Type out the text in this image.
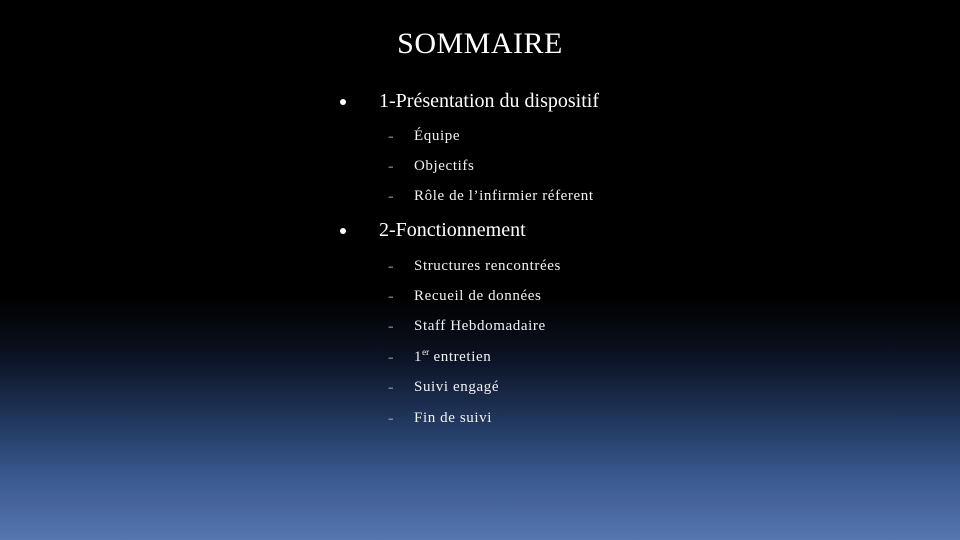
SOMMAIRE
1-Présentation du dispositif
–	Équipe
–	Objectifs
–	Rôle de l’infirmier réferent
2-Fonctionnement
–	Structures rencontrées
–	Recueil de données
–	Staff Hebdomadaire
–	1er entretien
–	Suivi engagé
–	Fin de suivi
